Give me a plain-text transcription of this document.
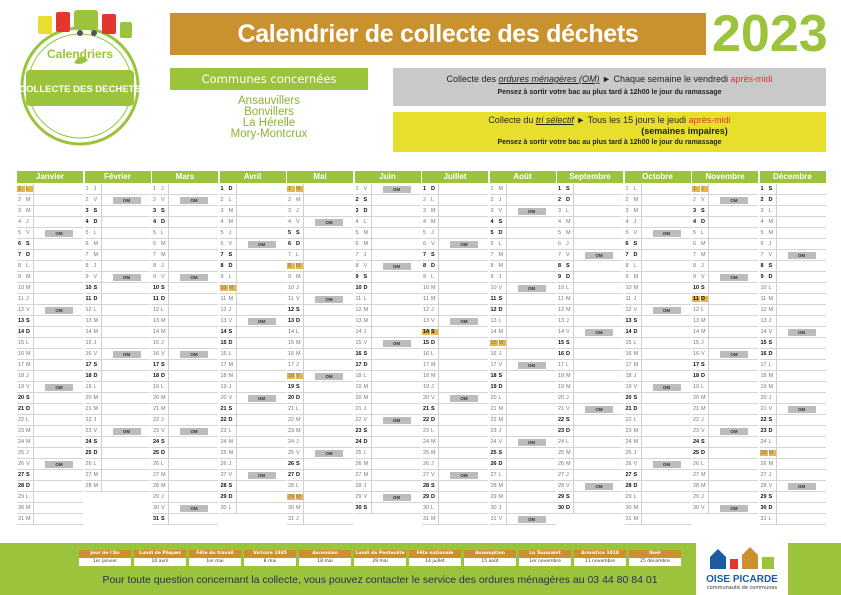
Calendriers
COLLECTE DES DECHETS
Calendrier de collecte des déchets 2023
Communes concernées
Ansauvillers
Bonvillers
La Hérelle
Mory-Montcrux
Collecte des ordures ménagères (OM) ► Chaque semaine le vendredi après-midi
Pensez à sortir votre bac au plus tard à 12h00 le jour du ramassage
Collecte du tri sélectif ► Tous les 15 jours le jeudi après-midi
(semaines impaires)
Pensez à sortir votre bac au plus tard à 12h00 le jour du ramassage
Janvier
1 L
2 M
3 M
4 J
5 V	OM
6 S
7 D
8 L
9 M
10 M
11 J
12 V	OM
13 S
14 D
15 L
16 M
17 M
18 J
19 V	OM
20 S
21 D
22 L
23 M
24 M
25 J
26 V	OM
27 S
28 D
29 L
30 M
31 M
Février
1 J
2 V	OM
3 S
4 D
5 L
6 M
7 M
8 J
9 V	OM
10 S
11 D
12 L
13 M
14 M
15 J
16 V	OM
17 S
18 D
19 L
20 M
21 M
22 J
23 V	OM
24 S
25 D
26 L
27 M
28 M
Mars
1 J
2 V	OM
3 S
4 D
5 L
6 M
7 M
8 J
9 V	OM
10 S
11 D
12 L
13 M
14 M
15 J
16 V	OM
17 S
18 D
19 L
20 M
21 M
22 J
23 V	OM
24 S
25 D
26 L
27 M
28 M
29 J
30 V	OM
31 S
Avril
1 D
2 L
3 M
4 M
5 J
6 V	OM
7 S
8 D
9 L
10 M
11 M
12 J
13 V	OM
14 S
15 D
16 L
17 M
18 M
19 J
20 V	OM
21 S
22 D
23 L
24 M
25 M
26 J
27 V	OM
28 S
29 D
30 L
Mai
1 M
2 M
3 J
4 V	OM
5 S
6 D
7 L
8 M
9 M
10 J
11 V	OM
12 S
13 D
14 L
15 M
16 M
17 J
18 V	OM
19 S
20 D
21 L
22 M
23 M
24 J
25 V	OM
26 S
27 D
28 L
29 M
30 M
31 J
Juin
1 V	OM
2 S
3 D
4 L
5 M
6 M
7 J
8 V	OM
9 S
10 D
11 L
12 M
13 M
14 J
15 V	OM
16 S
17 D
18 L
19 M
20 M
21 J
22 V	OM
23 S
24 D
25 L
26 M
27 M
28 J
29 V	OM
30 S
Juillet
1 D
2 L
3 M
4 M
5 J
6 V	OM
7 S
8 D
9 L
10 M
11 M
12 J
13 V	OM
14 S
15 D
16 L
17 M
18 M
19 J
20 V	OM
21 S
22 D
23 L
24 M
25 M
26 J
27 V	OM
28 S
29 D
30 L
31 M
Août
1 M
2 J
3 V	OM
4 S
5 D
6 L
7 M
8 M
9 J
10 V	OM
11 S
12 D
13 L
14 M
15 M
16 J
17 V	OM
18 S
19 D
20 L
21 M
22 M
23 J
24 V	OM
25 S
26 D
27 L
28 M
29 M
30 J
31 V	OM
Septembre
1 S
2 D
3 L
4 M
5 M
6 J
7 V	OM
8 S
9 D
10 L
11 M
12 M
13 J
14 V	OM
15 S
16 D
17 L
18 M
19 M
20 J
21 V	OM
22 S
23 D
24 L
25 M
26 M
27 J
28 V	OM
29 S
30 D
Octobre
1 L
2 M
3 M
4 J
5 V	OM
6 S
7 D
8 L
9 M
10 M
11 J
12 V	OM
13 S
14 D
15 L
16 M
17 M
18 J
19 V	OM
20 S
21 D
22 L
23 M
24 M
25 J
26 V	OM
27 S
28 D
29 L
30 M
31 M
Novembre
1 J
2 V	OM
3 S
4 D
5 L
6 M
7 M
8 J
9 V	OM
10 S
11 D
12 L
13 M
14 M
15 J
16 V	OM
17 S
18 D
19 L
20 M
21 M
22 J
23 V	OM
24 S
25 D
26 L
27 M
28 M
29 J
30 V	OM
Décembre
1 S
2 D
3 L
4 M
5 M
6 J
7 V	OM
8 S
9 D
10 L
11 M
12 M
13 J
14 V	OM
15 S
16 D
17 L
18 M
19 M
20 J
21 V	OM
22 S
23 D
24 L
25 M
26 M
27 J
28 V	OM
29 S
30 D
31 L
Jour de l'An
1er janvier
Lundi de Pâques
10 avril
Fête du travail
1er mai
Victoire 1945
8 mai
Ascension
18 mai
Lundi de Pentecôte
29 mai
Fête nationale
14 juillet
Assomption
15 août
La Toussaint
1er novembre
Armistice 1918
11 novembre
Noël
25 décembre
Pour toute question concernant la collecte, vous pouvez contacter le service des ordures ménagères au 03 44 80 84 01	OISE PICARDE
communauté de communes
